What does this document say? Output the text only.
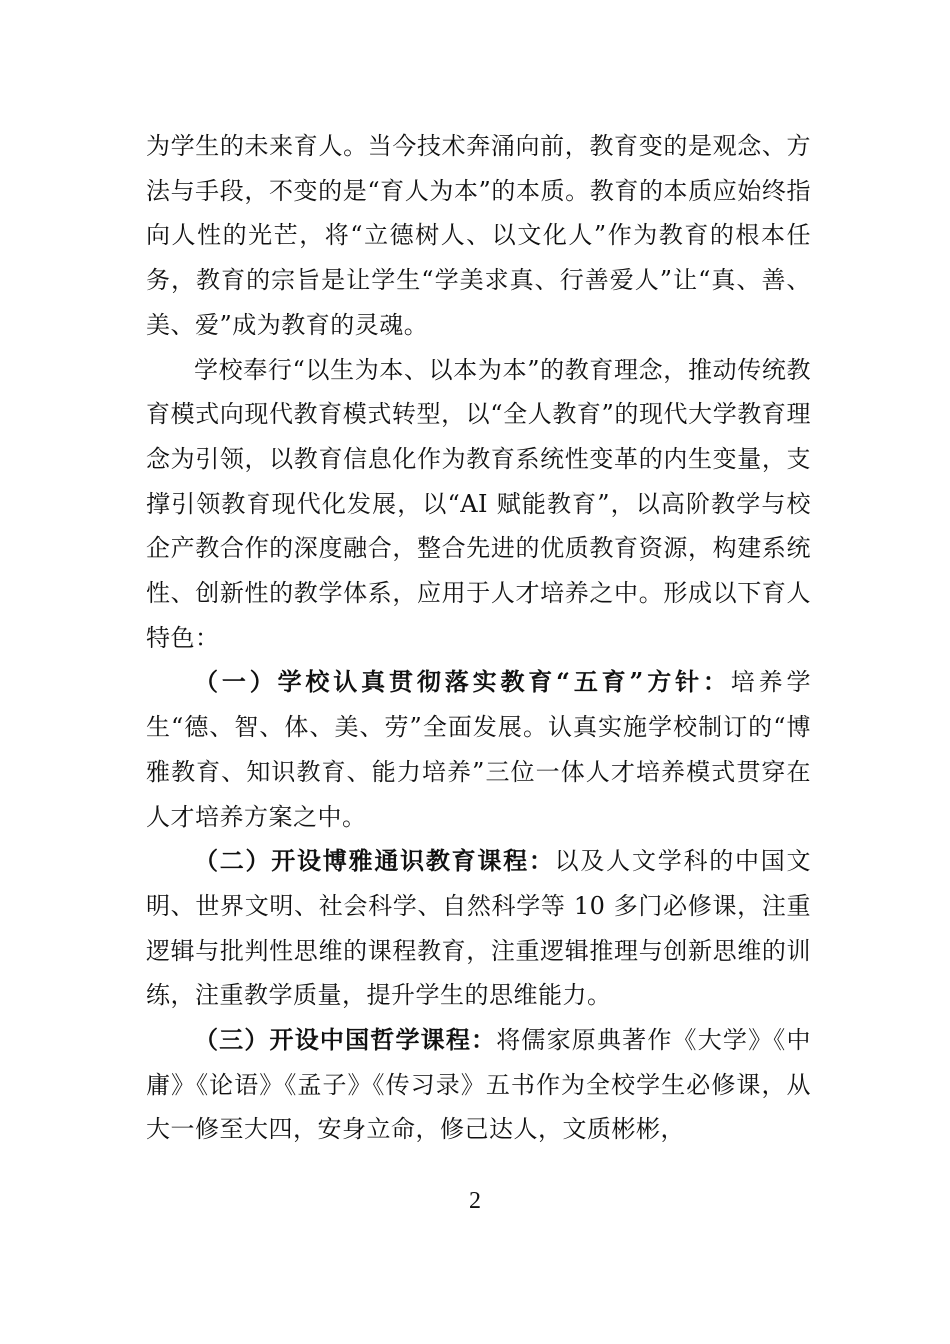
为学生的未来育人。当今技术奔涌向前，教育变的是观念、方法与手段，不变的是“育人为本”的本质。教育的本质应始终指向人性的光芒，将“立德树人、以文化人”作为教育的根本任务，教育的宗旨是让学生“学美求真、行善爱人”让“真、善、美、爱”成为教育的灵魂。

学校奉行“以生为本、以本为本”的教育理念，推动传统教育模式向现代教育模式转型，以“全人教育”的现代大学教育理念为引领，以教育信息化作为教育系统性变革的内生变量，支撑引领教育现代化发展，以“AI 赋能教育”，以高阶教学与校企产教合作的深度融合，整合先进的优质教育资源，构建系统性、创新性的教学体系，应用于人才培养之中。形成以下育人特色：

（一）学校认真贯彻落实教育“五育”方针：培养学生“德、智、体、美、劳”全面发展。认真实施学校制订的“博雅教育、知识教育、能力培养”三位一体人才培养模式贯穿在人才培养方案之中。

（二）开设博雅通识教育课程：以及人文学科的中国文明、世界文明、社会科学、自然科学等 10 多门必修课，注重逻辑与批判性思维的课程教育，注重逻辑推理与创新思维的训练，注重教学质量，提升学生的思维能力。

（三）开设中国哲学课程：将儒家原典著作《大学》《中庸》《论语》《孟子》《传习录》五书作为全校学生必修课，从大一修至大四，安身立命，修己达人，文质彬彬，

2
